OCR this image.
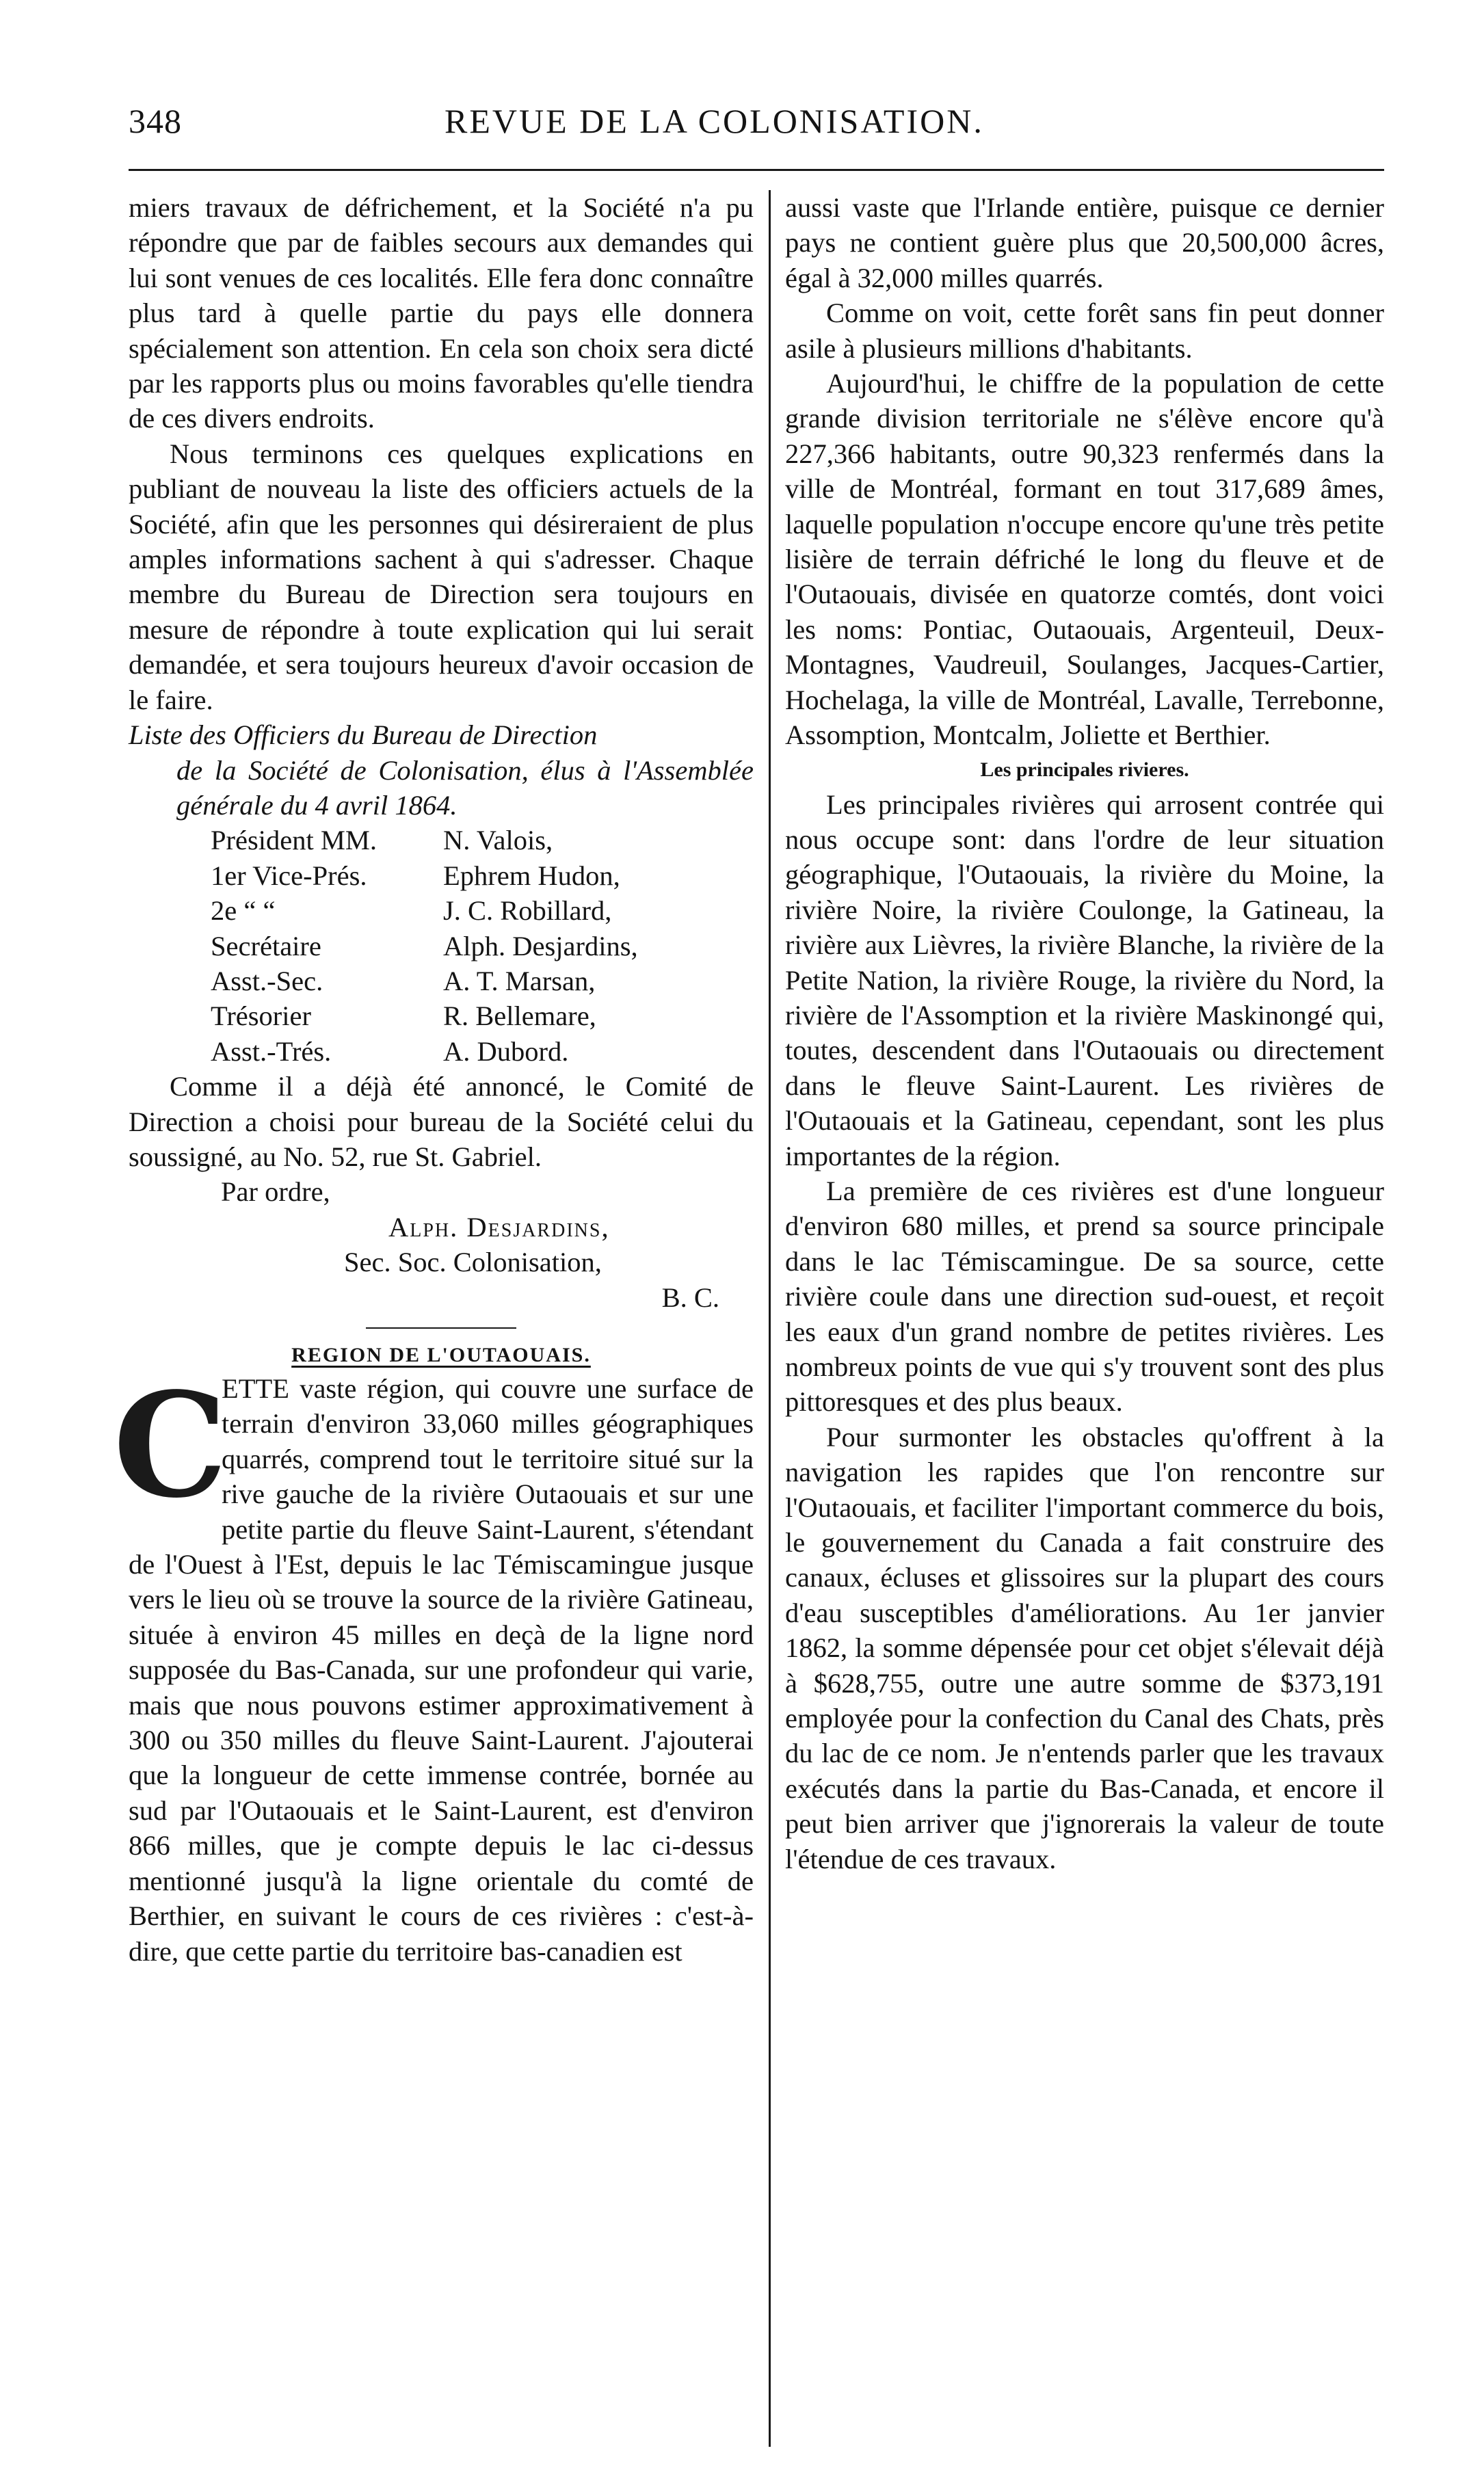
348	REVUE DE LA COLONISATION.

miers travaux de défrichement, et la Société n'a pu répondre que par de faibles secours aux demandes qui lui sont venues de ces localités. Elle fera donc connaître plus tard à quelle partie du pays elle donnera spécialement son attention. En cela son choix sera dicté par les rapports plus ou moins favorables qu'elle tiendra de ces divers endroits.

Nous terminons ces quelques explications en publiant de nouveau la liste des officiers actuels de la Société, afin que les personnes qui désireraient de plus amples informations sachent à qui s'adresser. Chaque membre du Bureau de Direction sera toujours en mesure de répondre à toute explication qui lui serait demandée, et sera toujours heureux d'avoir occasion de le faire.

Liste des Officiers du Bureau de Direction
de la Société de Colonisation, élus à l'Assemblée générale du 4 avril 1864.
Président MM.	N. Valois,
1er Vice-Prés.	Ephrem Hudon,
2e “ “	J. C. Robillard,
Secrétaire	Alph. Desjardins,
Asst.-Sec.	A. T. Marsan,
Trésorier	R. Bellemare,
Asst.-Trés.	A. Dubord.

Comme il a déjà été annoncé, le Comité de Direction a choisi pour bureau de la Société celui du soussigné, au No. 52, rue St. Gabriel.

Par ordre,
Alph. Desjardins,
Sec. Soc. Colonisation,
B. C.
REGION DE L'OUTAOUAIS.
C

ETTE vaste région, qui couvre une surface de terrain d'environ 33,060 milles géographiques quarrés, comprend tout le territoire situé sur la rive gauche de la rivière Outaouais et sur une petite partie du fleuve Saint-Laurent, s'étendant de l'Ouest à l'Est, depuis le lac Témiscamingue jusque vers le lieu où se trouve la source de la rivière Gatineau, située à environ 45 milles en deçà de la ligne nord supposée du Bas-Canada, sur une profondeur qui varie, mais que nous pouvons estimer approximativement à 300 ou 350 milles du fleuve Saint-Laurent. J'ajouterai que la longueur de cette immense contrée, bornée au sud par l'Outaouais et le Saint-Laurent, est d'environ 866 milles, que je compte depuis le lac ci-dessus mentionné jusqu'à la ligne orientale du comté de Berthier, en suivant le cours de ces rivières : c'est-à-dire, que cette partie du territoire bas-canadien est

aussi vaste que l'Irlande entière, puisque ce dernier pays ne contient guère plus que 20,500,000 âcres, égal à 32,000 milles quarrés.

Comme on voit, cette forêt sans fin peut donner asile à plusieurs millions d'habitants.

Aujourd'hui, le chiffre de la population de cette grande division territoriale ne s'élève encore qu'à 227,366 habitants, outre 90,323 renfermés dans la ville de Montréal, formant en tout 317,689 âmes, laquelle population n'occupe encore qu'une très petite lisière de terrain défriché le long du fleuve et de l'Outaouais, divisée en quatorze comtés, dont voici les noms: Pontiac, Outaouais, Argenteuil, Deux-Montagnes, Vaudreuil, Soulanges, Jacques-Cartier, Hochelaga, la ville de Montréal, Lavalle, Terrebonne, Assomption, Montcalm, Joliette et Berthier.

Les principales rivieres.

Les principales rivières qui arrosent contrée qui nous occupe sont: dans l'ordre de leur situation géographique, l'Outaouais, la rivière du Moine, la rivière Noire, la rivière Coulonge, la Gatineau, la rivière aux Lièvres, la rivière Blanche, la rivière de la Petite Nation, la rivière Rouge, la rivière du Nord, la rivière de l'Assomption et la rivière Maskinongé qui, toutes, descendent dans l'Outaouais ou directement dans le fleuve Saint-Laurent. Les rivières de l'Outaouais et la Gatineau, cependant, sont les plus importantes de la région.

La première de ces rivières est d'une longueur d'environ 680 milles, et prend sa source principale dans le lac Témiscamingue. De sa source, cette rivière coule dans une direction sud-ouest, et reçoit les eaux d'un grand nombre de petites rivières. Les nombreux points de vue qui s'y trouvent sont des plus pittoresques et des plus beaux.

Pour surmonter les obstacles qu'offrent à la navigation les rapides que l'on rencontre sur l'Outaouais, et faciliter l'important commerce du bois, le gouvernement du Canada a fait construire des canaux, écluses et glissoires sur la plupart des cours d'eau susceptibles d'améliorations. Au 1er janvier 1862, la somme dépensée pour cet objet s'élevait déjà à $628,755, outre une autre somme de $373,191 employée pour la confection du Canal des Chats, près du lac de ce nom. Je n'entends parler que les travaux exécutés dans la partie du Bas-Canada, et encore il peut bien arriver que j'ignorerais la valeur de toute l'étendue de ces travaux.
